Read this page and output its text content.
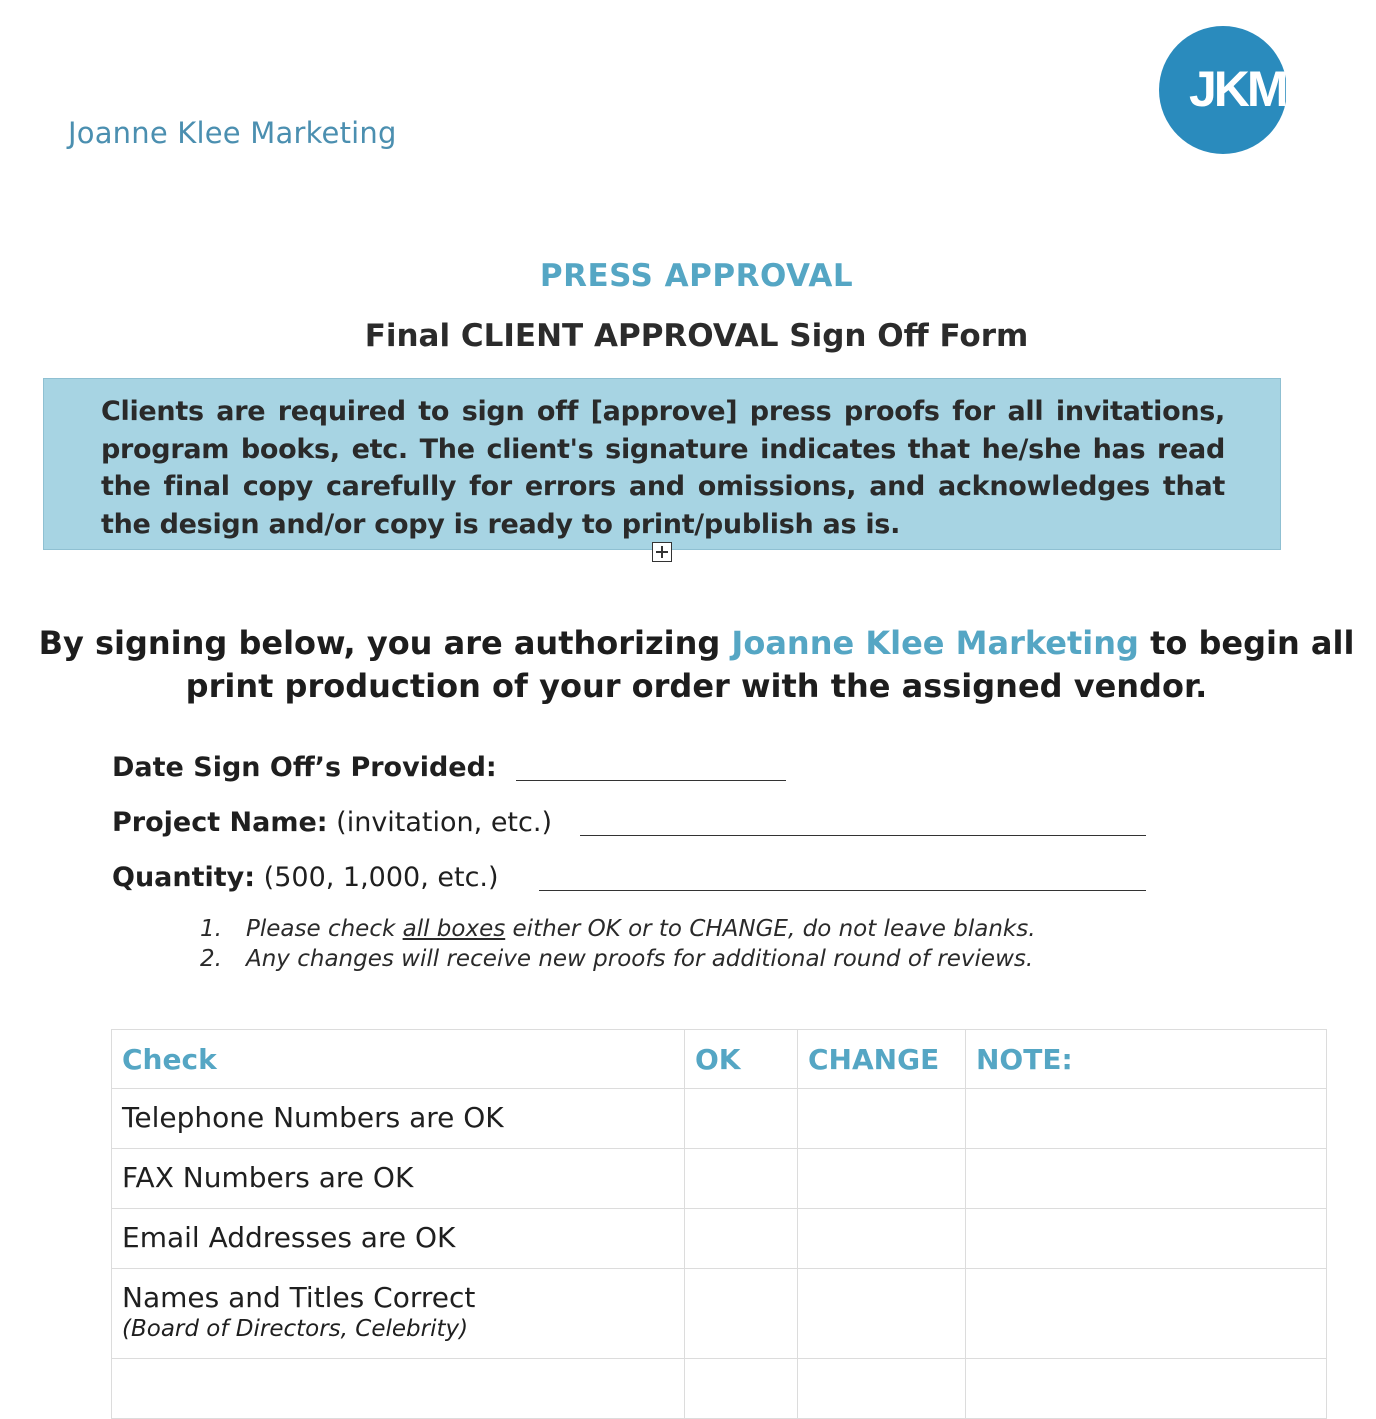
Joanne Klee Marketing
JKM
PRESS APPROVAL
Final CLIENT APPROVAL Sign Off Form
Clients are required to sign off [approve] press proofs for all invitations, program books, etc. The client's signature indicates that he/she has read the final copy carefully for errors and omissions, and acknowledges that the design and/or copy is ready to print/publish as is.
By signing below, you are authorizing Joanne Klee Marketing to begin all print production of your order with the assigned vendor.
Date Sign Off’s Provided:
Project Name: (invitation, etc.)
Quantity: (500, 1,000, etc.)
1. Please check all boxes either OK or to CHANGE, do not leave blanks.
2. Any changes will receive new proofs for additional round of reviews.
Check	OK	CHANGE	NOTE:
Telephone Numbers are OK			
FAX Numbers are OK			
Email Addresses are OK			
Names and Titles Correct
(Board of Directors, Celebrity)			
